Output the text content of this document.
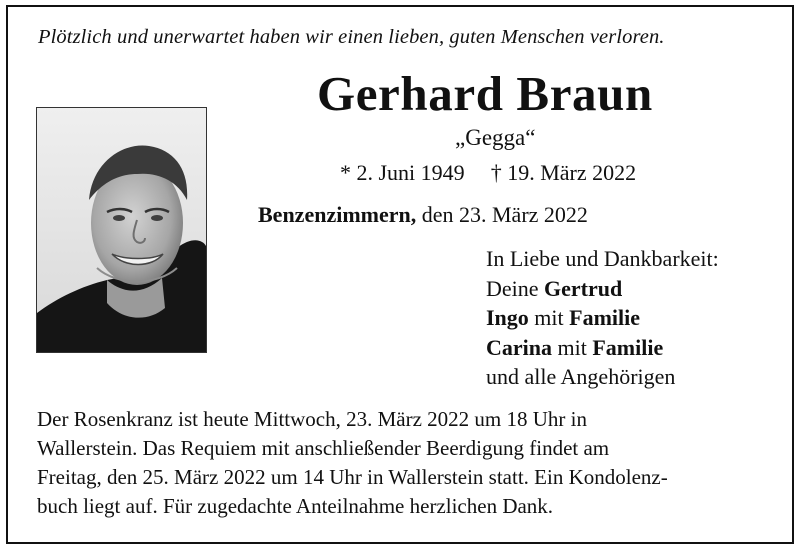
Plötzlich und unerwartet haben wir einen lieben, guten Menschen verloren.
Gerhard Braun
„Gegga“
* 2. Juni 1949 † 19. März 2022
Benzenzimmern, den 23. März 2022
In Liebe und Dankbarkeit:
Deine Gertrud
Ingo mit Familie
Carina mit Familie
und alle Angehörigen
Der Rosenkranz ist heute Mittwoch, 23. März 2022 um 18 Uhr in
Wallerstein. Das Requiem mit anschließender Beerdigung findet am
Freitag, den 25. März 2022 um 14 Uhr in Wallerstein statt. Ein Kondolenz-
buch liegt auf. Für zugedachte Anteilnahme herzlichen Dank.
